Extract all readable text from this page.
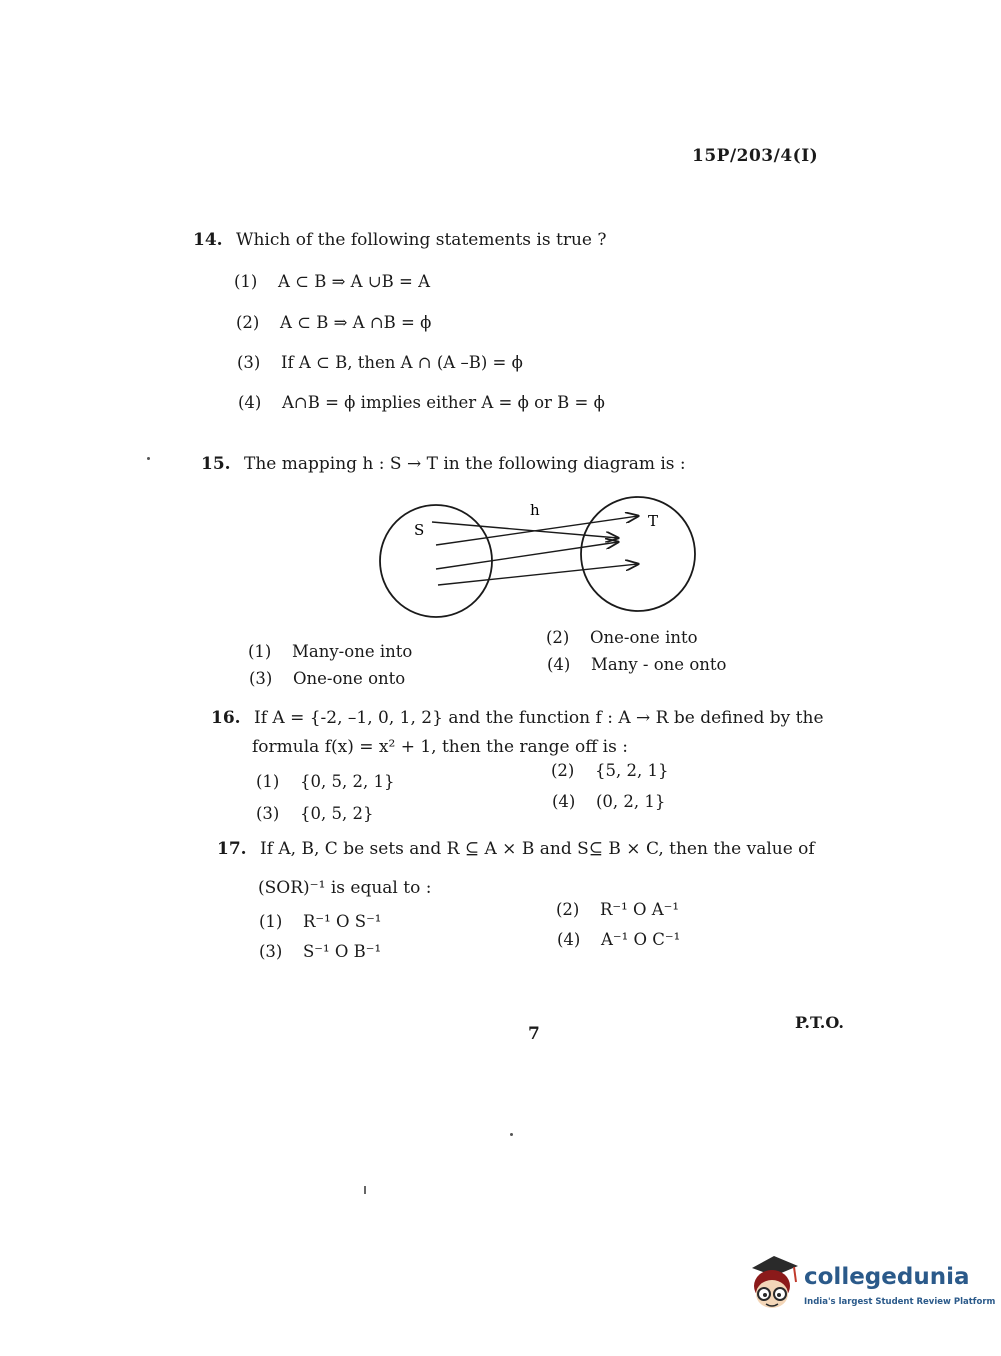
15P/203/4(I)
14. Which of the following statements is true ?
(1) A ⊂ B ⇒ A ∪B = A
(2) A ⊂ B ⇒ A ∩B = ϕ
(3) If A ⊂ B, then A ∩ (A –B) = ϕ
(4) A∩B = ϕ implies either A = ϕ or B = ϕ
15. The mapping h : S → T in the following diagram is :
S	T
h
(1) Many-one into
(2) One-one into
(3) One-one onto
(4) Many - one onto
16. If A = {-2, –1, 0, 1, 2} and the function f : A → R be defined by the
formula f(x) = x² + 1, then the range off is :
(1) {0, 5, 2, 1}
(2) {5, 2, 1}
(3) {0, 5, 2}
(4) (0, 2, 1}
17. If A, B, C be sets and R ⊆ A × B and S⊆ B × C, then the value of
(SOR)⁻¹ is equal to :
(1) R⁻¹ O S⁻¹
(2) R⁻¹ O A⁻¹
(3) S⁻¹ O B⁻¹
(4) A⁻¹ O C⁻¹
7
P.T.O.
collegedunia
India's largest Student Review Platform
